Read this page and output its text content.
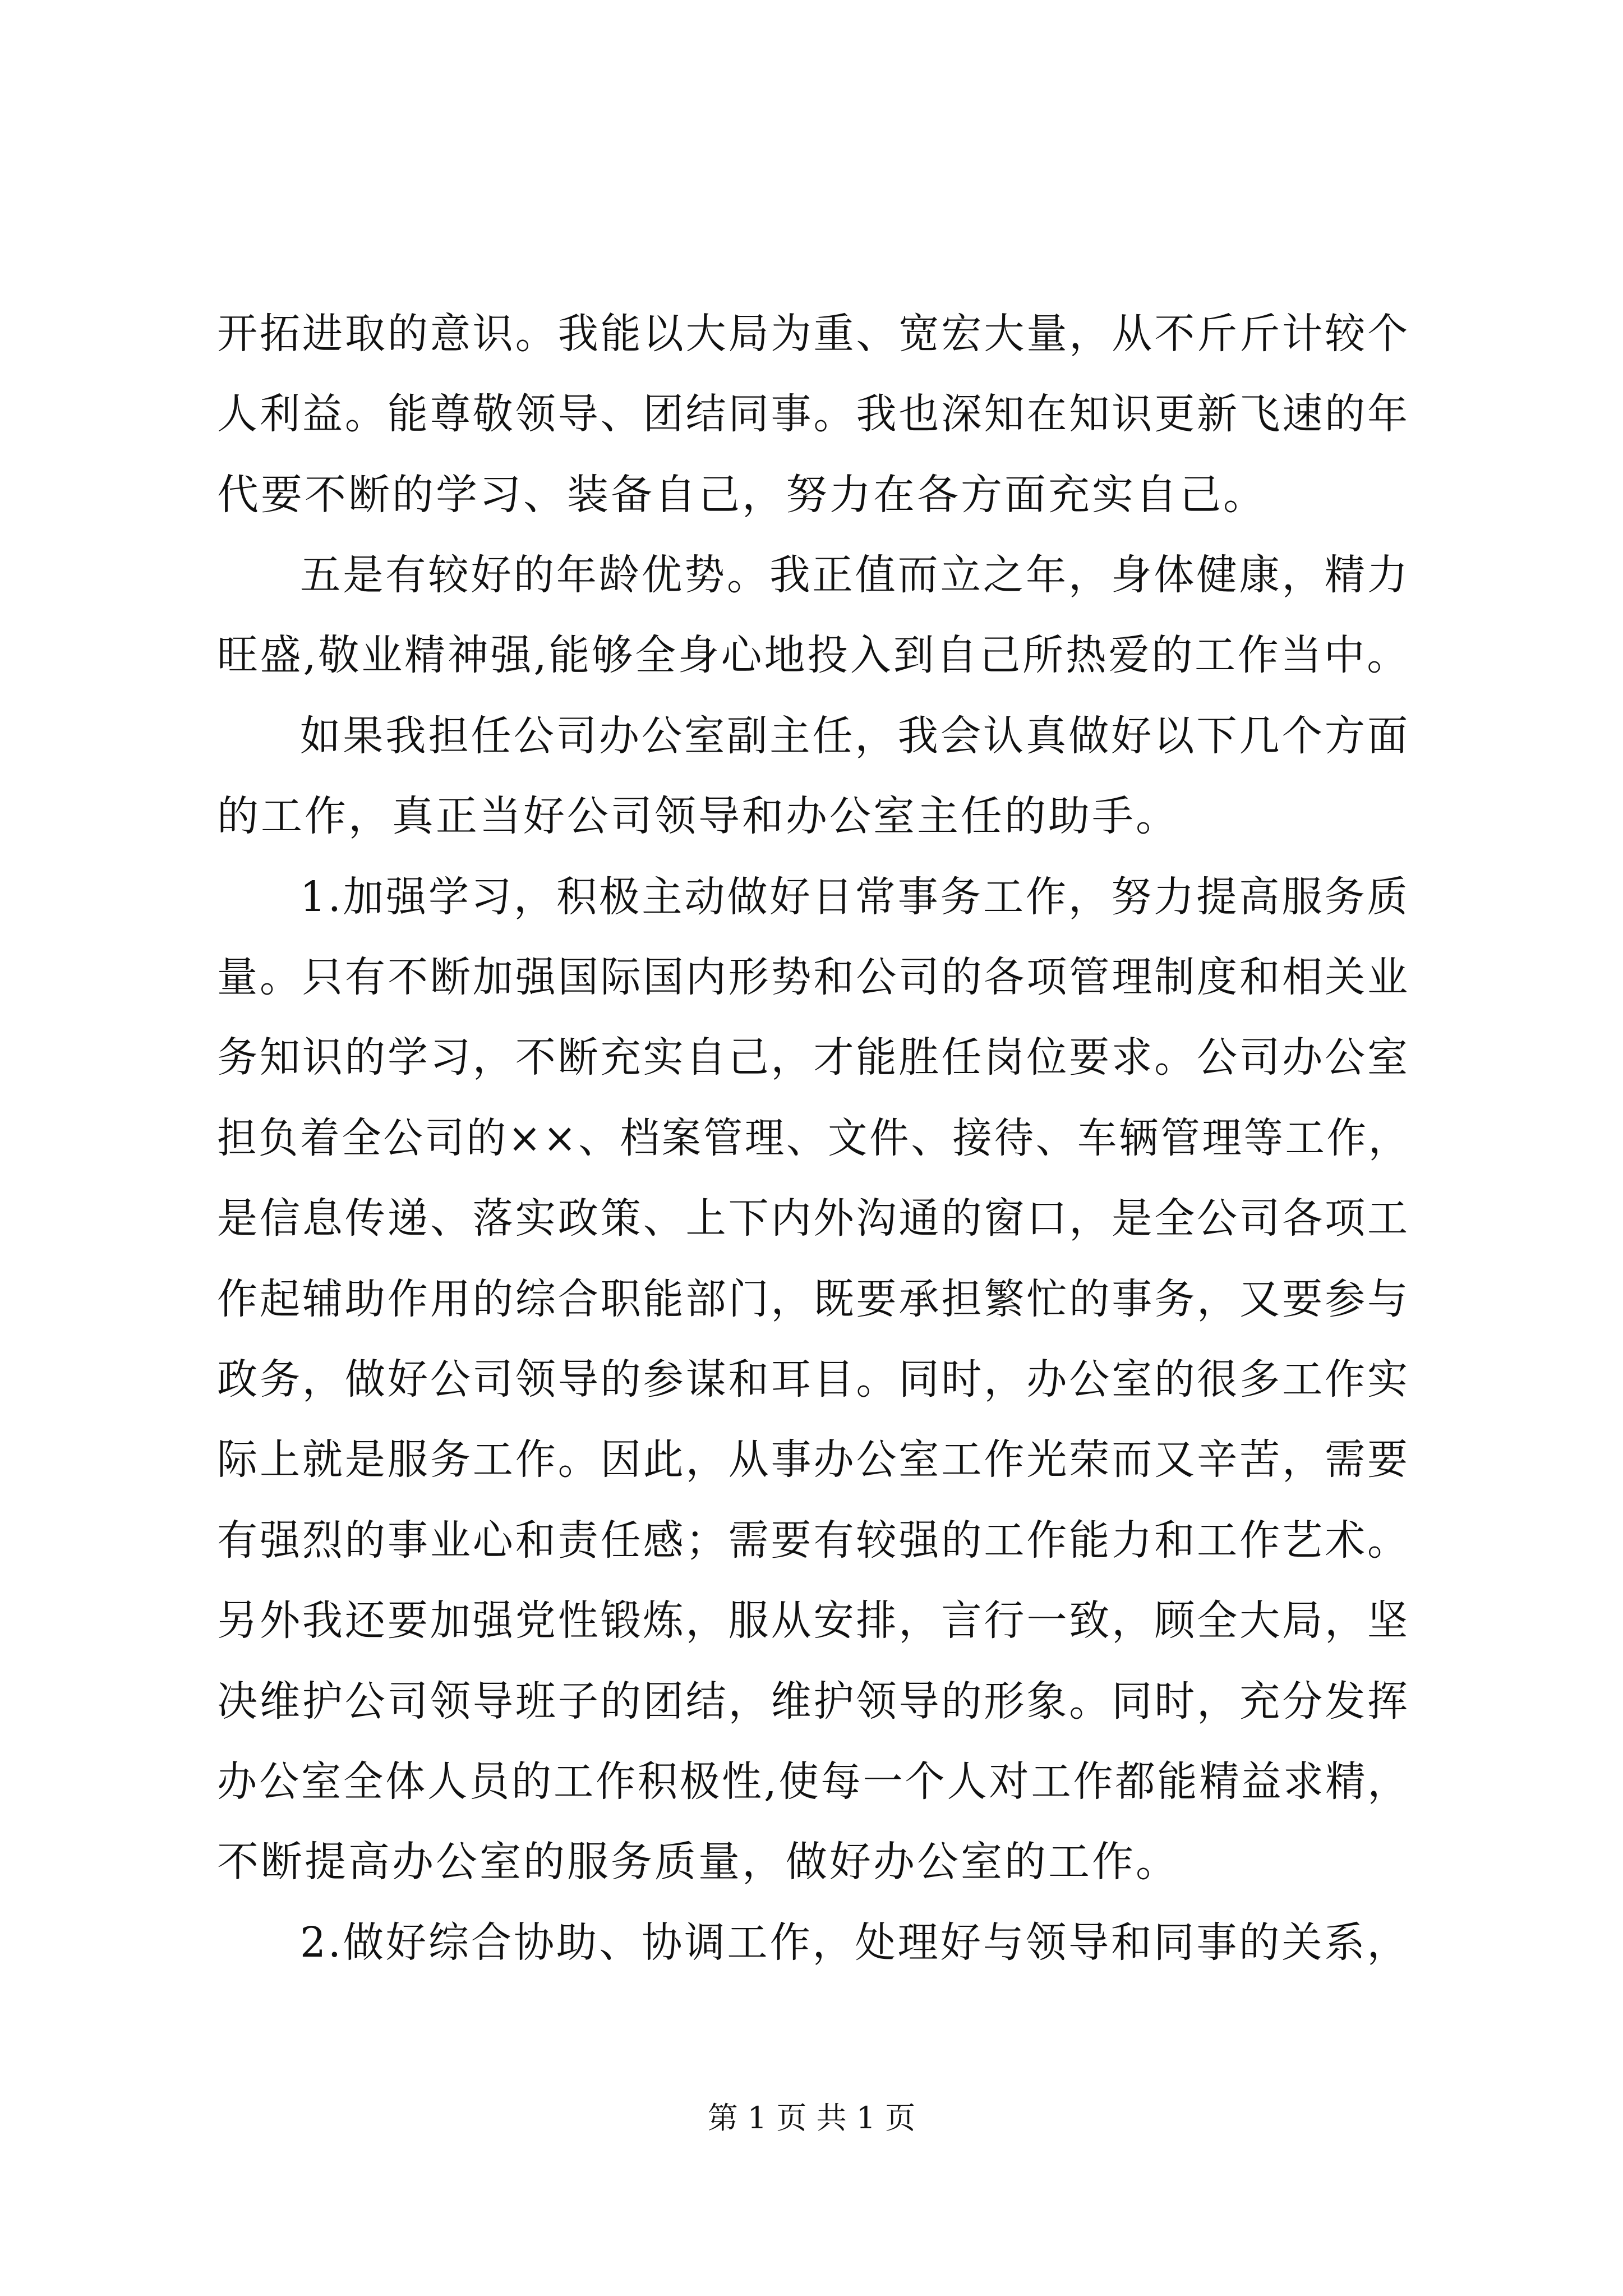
开拓进取的意识。我能以大局为重、宽宏大量，从不斤斤计较个

人利益。能尊敬领导、团结同事。我也深知在知识更新飞速的年

代要不断的学习、装备自己，努力在各方面充实自己。

五是有较好的年龄优势。我正值而立之年，身体健康，精力

旺盛,敬业精神强,能够全身心地投入到自己所热爱的工作当中。

如果我担任公司办公室副主任，我会认真做好以下几个方面

的工作，真正当好公司领导和办公室主任的助手。

1.加强学习，积极主动做好日常事务工作，努力提高服务质

量。只有不断加强国际国内形势和公司的各项管理制度和相关业

务知识的学习，不断充实自己，才能胜任岗位要求。公司办公室

担负着全公司的××、档案管理、文件、接待、车辆管理等工作，

是信息传递、落实政策、上下内外沟通的窗口，是全公司各项工

作起辅助作用的综合职能部门，既要承担繁忙的事务，又要参与

政务，做好公司领导的参谋和耳目。同时，办公室的很多工作实

际上就是服务工作。因此，从事办公室工作光荣而又辛苦，需要

有强烈的事业心和责任感；需要有较强的工作能力和工作艺术。

另外我还要加强党性锻炼，服从安排，言行一致，顾全大局，坚

决维护公司领导班子的团结，维护领导的形象。同时，充分发挥

办公室全体人员的工作积极性,使每一个人对工作都能精益求精，

不断提高办公室的服务质量，做好办公室的工作。

2.做好综合协助、协调工作，处理好与领导和同事的关系，

第 1 页 共 1 页
